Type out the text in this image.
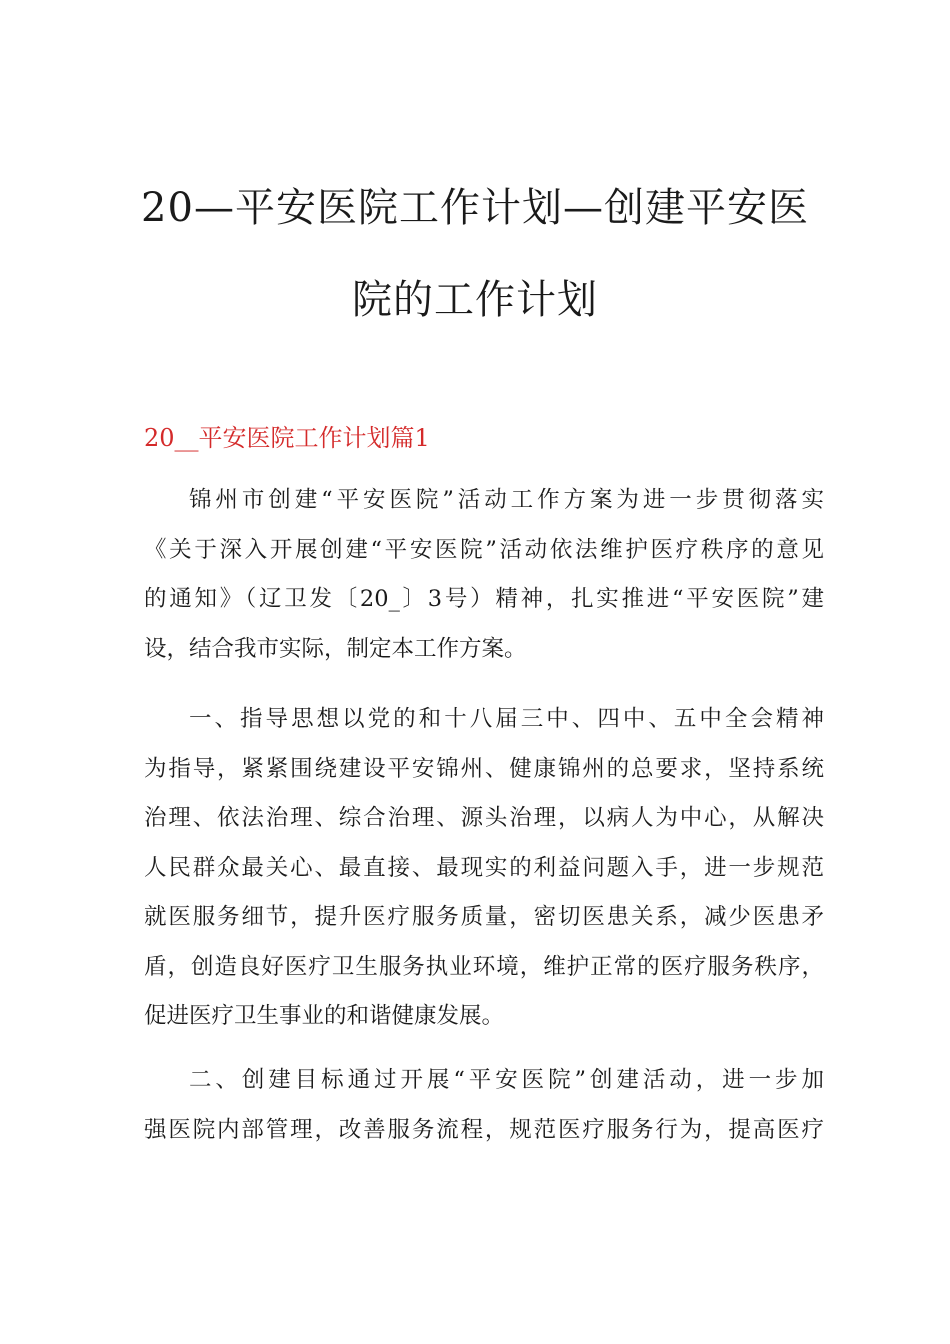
20—平安医院工作计划—创建平安医
院的工作计划
20__平安医院工作计划篇1

锦州市创建“平安医院”活动工作方案为进一步贯彻落实
《关于深入开展创建“平安医院”活动依法维护医疗秩序的意见
的通知》（辽卫发〔20_〕3号）精神，扎实推进“平安医院”建
设，结合我市实际，制定本工作方案。

一、指导思想以党的和十八届三中、四中、五中全会精神
为指导，紧紧围绕建设平安锦州、健康锦州的总要求，坚持系统
治理、依法治理、综合治理、源头治理，以病人为中心，从解决
人民群众最关心、最直接、最现实的利益问题入手，进一步规范
就医服务细节，提升医疗服务质量，密切医患关系，减少医患矛
盾，创造良好医疗卫生服务执业环境，维护正常的医疗服务秩序，
促进医疗卫生事业的和谐健康发展。

二、创建目标通过开展“平安医院”创建活动，进一步加
强医院内部管理，改善服务流程，规范医疗服务行为，提高医疗
